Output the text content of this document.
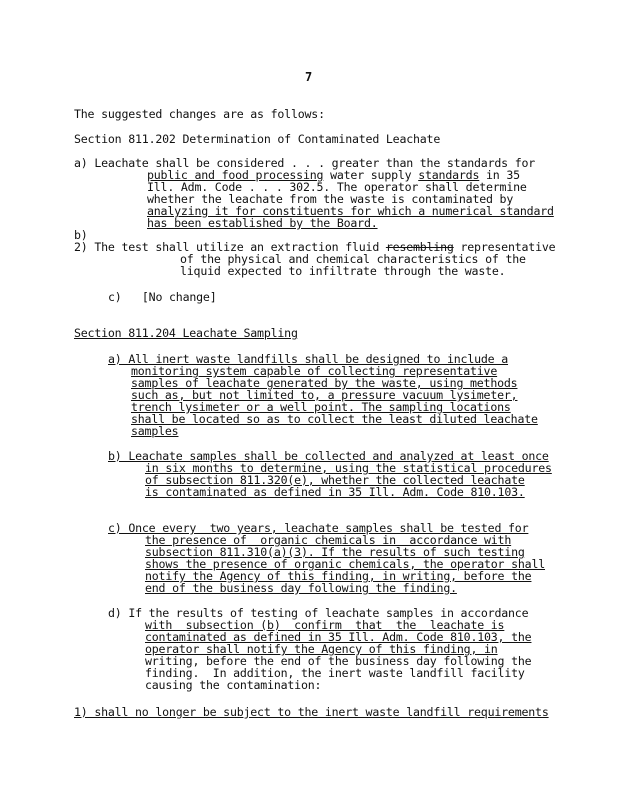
7
The suggested changes are as follows:
Section 811.202 Determination of Contaminated Leachate
a) Leachate shall be considered . . . greater than the standards for
public and food processing water supply standards in 35
Ill. Adm. Code . . . 302.5. The operator shall determine
whether the leachate from the waste is contaminated by
analyzing it for constituents for which a numerical standard
has been established by the Board.
b)
2) The test shall utilize an extraction fluid resembling representative
of the physical and chemical characteristics of the
liquid expected to infiltrate through the waste.
c)   [No change]
Section 811.204 Leachate Sampling
a) All inert waste landfills shall be designed to include a
monitoring system capable of collecting representative
samples of leachate generated by the waste, using methods
such as, but not limited to, a pressure vacuum lysimeter,
trench lysimeter or a well point. The sampling locations
shall be located so as to collect the least diluted leachate
samples
b) Leachate samples shall be collected and analyzed at least once
in six months to determine, using the statistical procedures
of subsection 811.320(e), whether the collected leachate
is contaminated as defined in 35 Ill. Adm. Code 810.103.
c) Once every  two years, leachate samples shall be tested for
the presence of  organic chemicals in  accordance with
subsection 811.310(a)(3). If the results of such testing
shows the presence of organic chemicals, the operator shall
notify the Agency of this finding, in writing, before the
end of the business day following the finding.
d) If the results of testing of leachate samples in accordance
with  subsection (b)  confirm  that  the  leachate is
contaminated as defined in 35 Ill. Adm. Code 810.103, the
operator shall notify the Agency of this finding, in
writing, before the end of the business day following the
finding.  In addition, the inert waste landfill facility
causing the contamination:
1) shall no longer be subject to the inert waste landfill requirements
